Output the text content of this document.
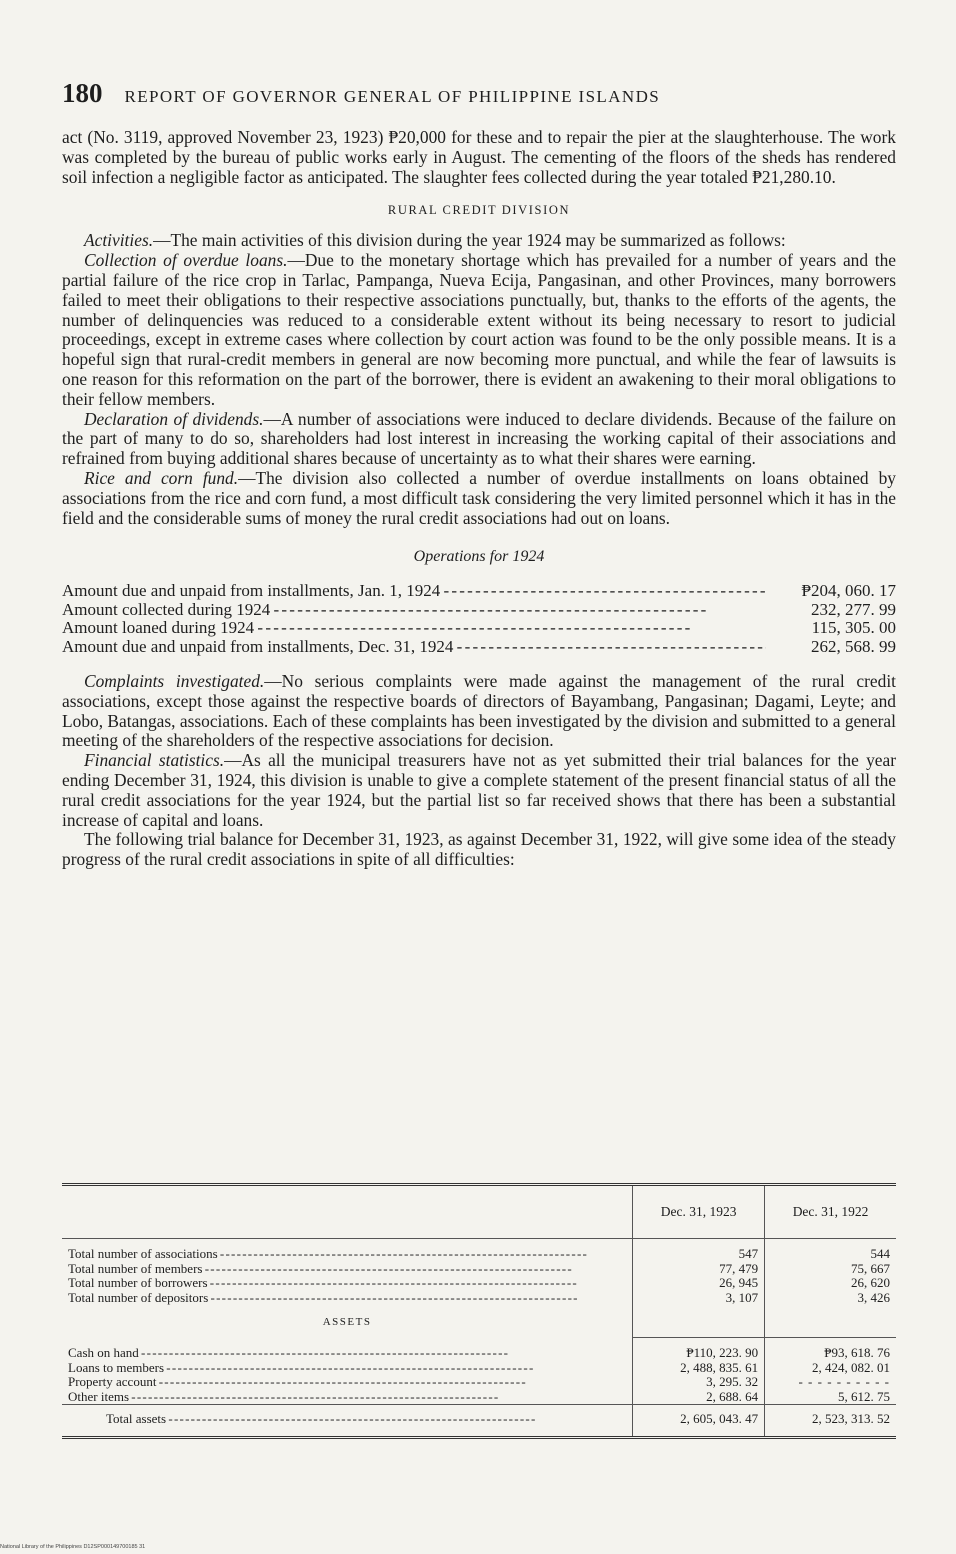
180 REPORT OF GOVERNOR GENERAL OF PHILIPPINE ISLANDS

act (No. 3119, approved November 23, 1923) ₱20,000 for these and to repair the pier at the slaughterhouse. The work was completed by the bureau of public works early in August. The cementing of the floors of the sheds has rendered soil infection a negligible factor as anticipated. The slaughter fees collected during the year totaled ₱21,280.10.

RURAL CREDIT DIVISION

Activities.—The main activities of this division during the year 1924 may be summarized as follows:

Collection of overdue loans.—Due to the monetary shortage which has prevailed for a number of years and the partial failure of the rice crop in Tarlac, Pampanga, Nueva Ecija, Pangasinan, and other Provinces, many borrowers failed to meet their obligations to their respective associations punctually, but, thanks to the efforts of the agents, the number of delinquencies was reduced to a considerable extent without its being necessary to resort to judicial proceedings, except in extreme cases where collection by court action was found to be the only possible means. It is a hopeful sign that rural-credit members in general are now becoming more punctual, and while the fear of lawsuits is one reason for this reformation on the part of the borrower, there is evident an awakening to their moral obligations to their fellow members.

Declaration of dividends.—A number of associations were induced to declare dividends. Because of the failure on the part of many to do so, shareholders had lost interest in increasing the working capital of their associations and refrained from buying additional shares because of uncertainty as to what their shares were earning.

Rice and corn fund.—The division also collected a number of overdue installments on loans obtained by associations from the rice and corn fund, a most difficult task considering the very limited personnel which it has in the field and the considerable sums of money the rural credit associations had out on loans.

Operations for 1924
Amount due and unpaid from installments, Jan. 1, 1924 - - -	₱204, 060. 17
Amount collected during 1924 - - -	232, 277. 99
Amount loaned during 1924 - - -	115, 305. 00
Amount due and unpaid from installments, Dec. 31, 1924 - - -	262, 568. 99

Complaints investigated.—No serious complaints were made against the management of the rural credit associations, except those against the respective boards of directors of Bayambang, Pangasinan; Dagami, Leyte; and Lobo, Batangas, associations. Each of these complaints has been investigated by the division and submitted to a general meeting of the shareholders of the respective associations for decision.

Financial statistics.—As all the municipal treasurers have not as yet submitted their trial balances for the year ending December 31, 1924, this division is unable to give a complete statement of the present financial status of all the rural credit associations for the year 1924, but the partial list so far received shows that there has been a substantial increase of capital and loans.

The following trial balance for December 31, 1923, as against December 31, 1922, will give some idea of the steady progress of the rural credit associations in spite of all difficulties:

	Dec. 31, 1923	Dec. 31, 1922

Total number of associations - - -	547	544
Total number of members - - -	77, 479	75, 667
Total number of borrowers - - -	26, 945	26, 620
Total number of depositors - - -	3, 107	3, 426
ASSETS		

Cash on hand - - -	₱110, 223. 90	₱93, 618. 76
Loans to members - - -	2, 488, 835. 61	2, 424, 082. 01
Property account - - -	3, 295. 32	- - - - - - - - - -
Other items - - -	2, 688. 64	5, 612. 75
Total assets - - -	2, 605, 043. 47	2, 523, 313. 52
National Library of the Philippines D12SP000149700185 31
